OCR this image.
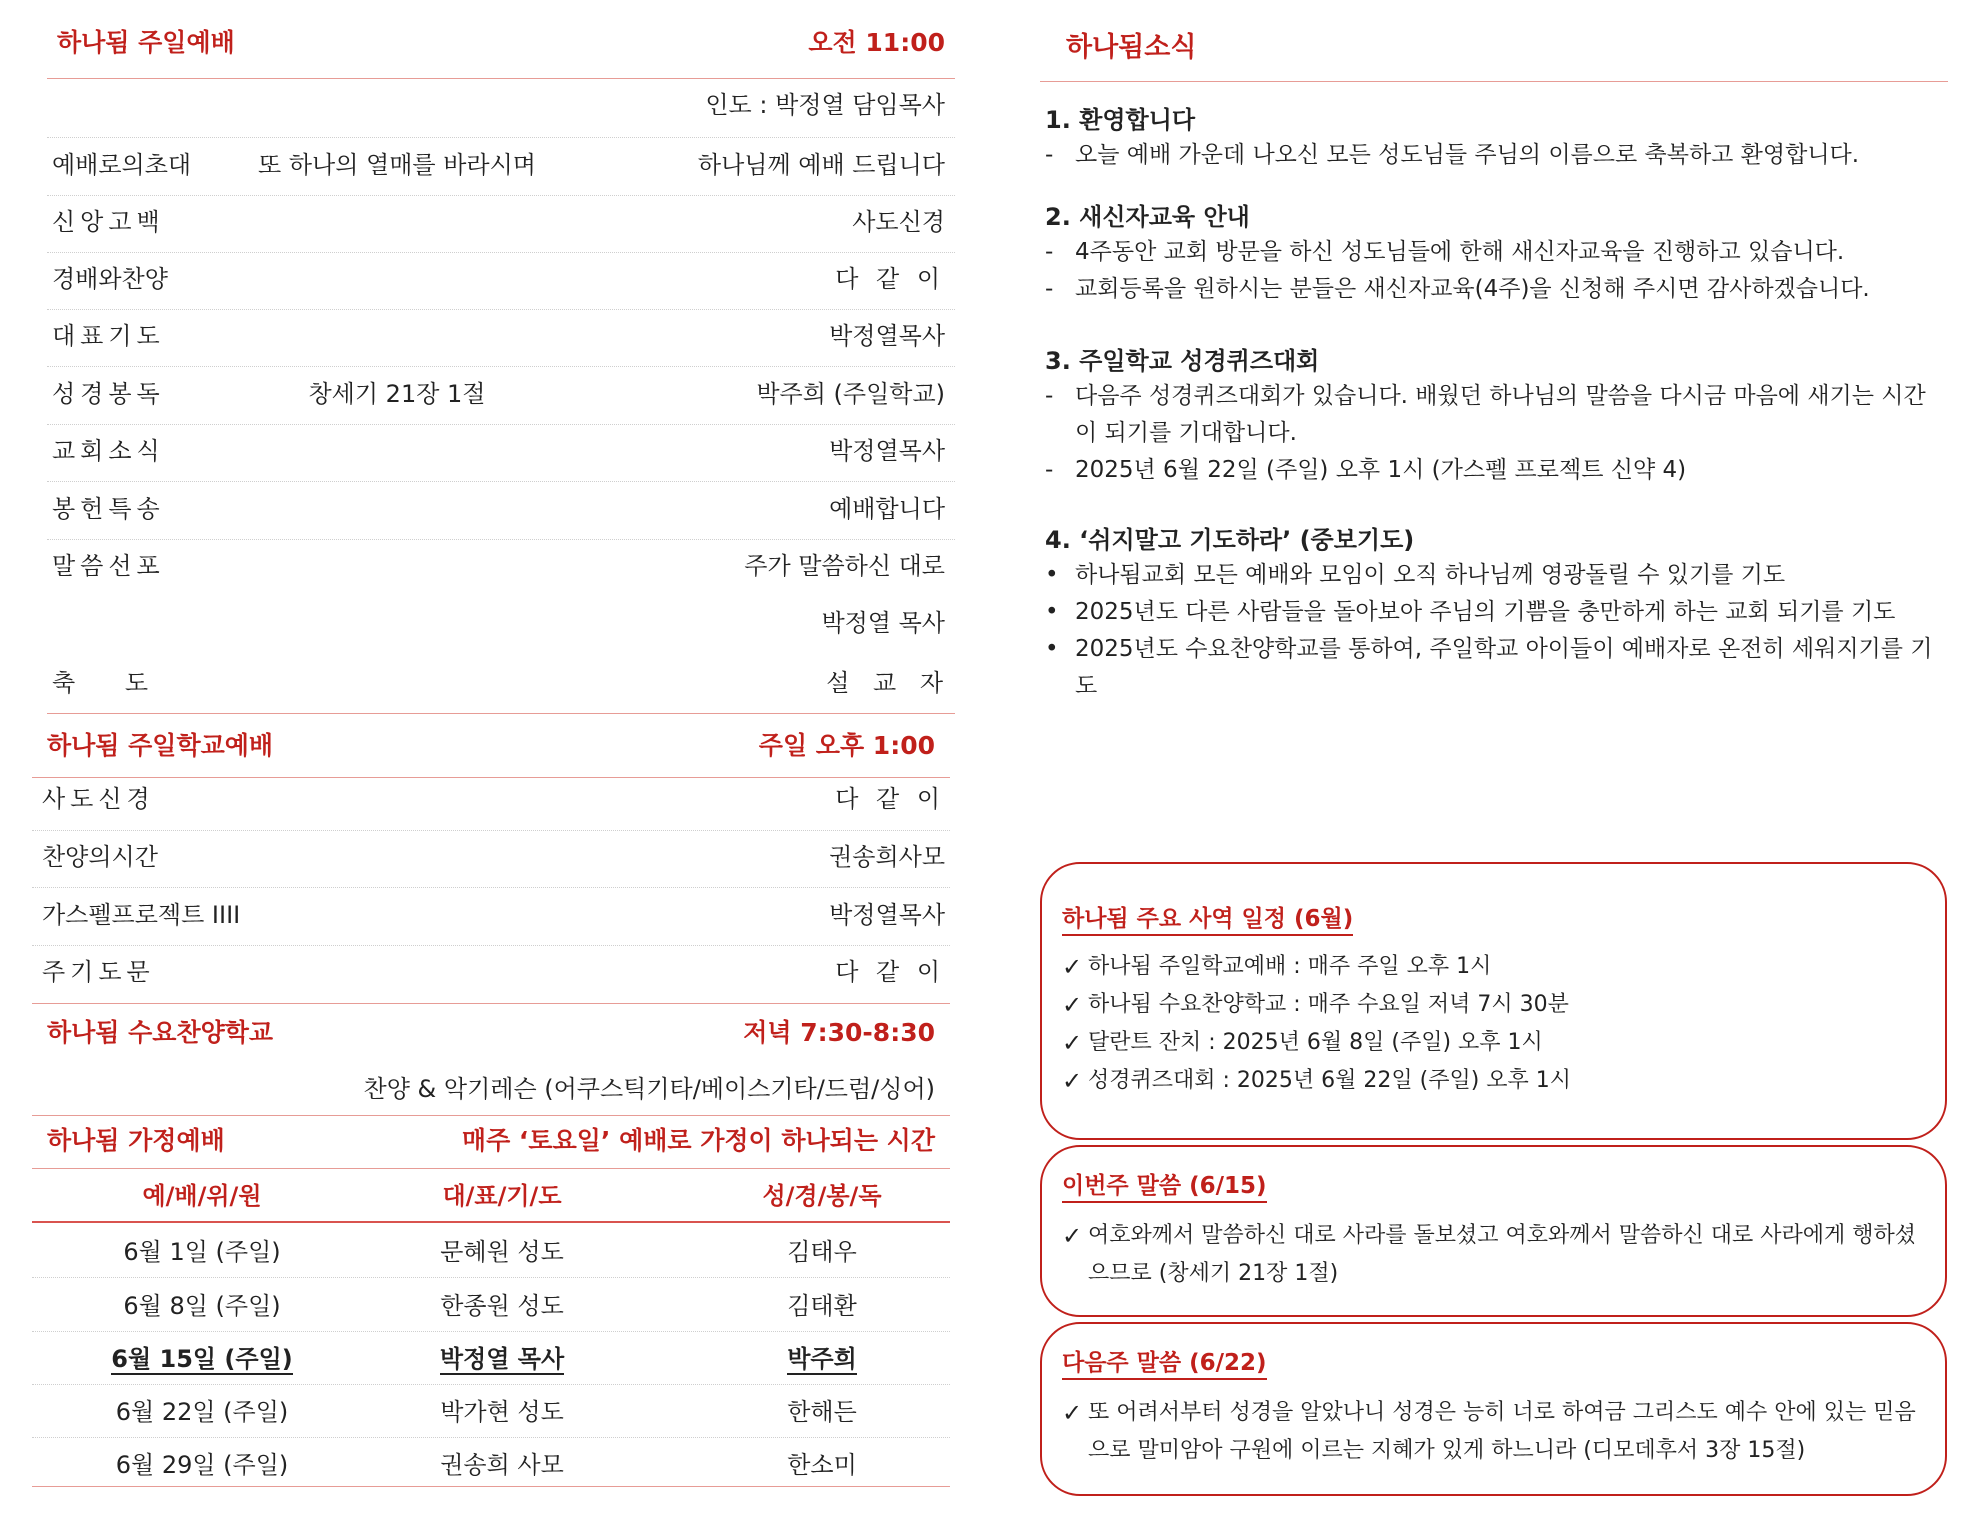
하나됨 주일예배	오전 11:00
인도 : 박정열 담임목사
예배로의초대	또 하나의 열매를 바라시며	하나님께 예배 드립니다
신앙고백	사도신경
경배와찬양	다 같 이
대표기도	박정열목사
성경봉독	창세기 21장 1절	박주희 (주일학교)
교회소식	박정열목사
봉헌특송	예배합니다
말씀선포	주가 말씀하신 대로
박정열 목사
축 도	설 교 자
하나됨 주일학교예배	주일 오후 1:00
사도신경	다 같 이
찬양의시간	권송희사모
가스펠프로젝트 IIII	박정열목사
주기도문	다 같 이
하나됨 수요찬양학교	저녁 7:30-8:30
찬양 & 악기레슨 (어쿠스틱기타/베이스기타/드럼/싱어)
하나됨 가정예배	매주 ‘토요일’ 예배로 가정이 하나되는 시간
예/배/위/원	대/표/기/도	성/경/봉/독
6월 1일 (주일)	문혜원 성도	김태우
6월 8일 (주일)	한종원 성도	김태환
6월 15일 (주일)	박정열 목사	박주희
6월 22일 (주일)	박가현 성도	한해든
6월 29일 (주일)	권송희 사모	한소미
하나됨소식
1. 환영합니다
- 오늘 예배 가운데 나오신 모든 성도님들 주님의 이름으로 축복하고 환영합니다.
2. 새신자교육 안내
- 4주동안 교회 방문을 하신 성도님들에 한해 새신자교육을 진행하고 있습니다.
- 교회등록을 원하시는 분들은 새신자교육(4주)을 신청해 주시면 감사하겠습니다.
3. 주일학교 성경퀴즈대회
- 다음주 성경퀴즈대회가 있습니다. 배웠던 하나님의 말씀을 다시금 마음에 새기는 시간이 되기를 기대합니다.
- 2025년 6월 22일 (주일) 오후 1시 (가스펠 프로젝트 신약 4)
4. ‘쉬지말고 기도하라’ (중보기도)
• 하나됨교회 모든 예배와 모임이 오직 하나님께 영광돌릴 수 있기를 기도
• 2025년도 다른 사람들을 돌아보아 주님의 기쁨을 충만하게 하는 교회 되기를 기도
• 2025년도 수요찬양학교를 통하여, 주일학교 아이들이 예배자로 온전히 세워지기를 기도
하나됨 주요 사역 일정 (6월)
✓ 하나됨 주일학교예배 : 매주 주일 오후 1시
✓ 하나됨 수요찬양학교 : 매주 수요일 저녁 7시 30분
✓ 달란트 잔치 : 2025년 6월 8일 (주일) 오후 1시
✓ 성경퀴즈대회 : 2025년 6월 22일 (주일) 오후 1시
이번주 말씀 (6/15)
✓ 여호와께서 말씀하신 대로 사라를 돌보셨고 여호와께서 말씀하신 대로 사라에게 행하셨으므로 (창세기 21장 1절)
다음주 말씀 (6/22)
✓ 또 어려서부터 성경을 알았나니 성경은 능히 너로 하여금 그리스도 예수 안에 있는 믿음으로 말미암아 구원에 이르는 지혜가 있게 하느니라 (디모데후서 3장 15절)
